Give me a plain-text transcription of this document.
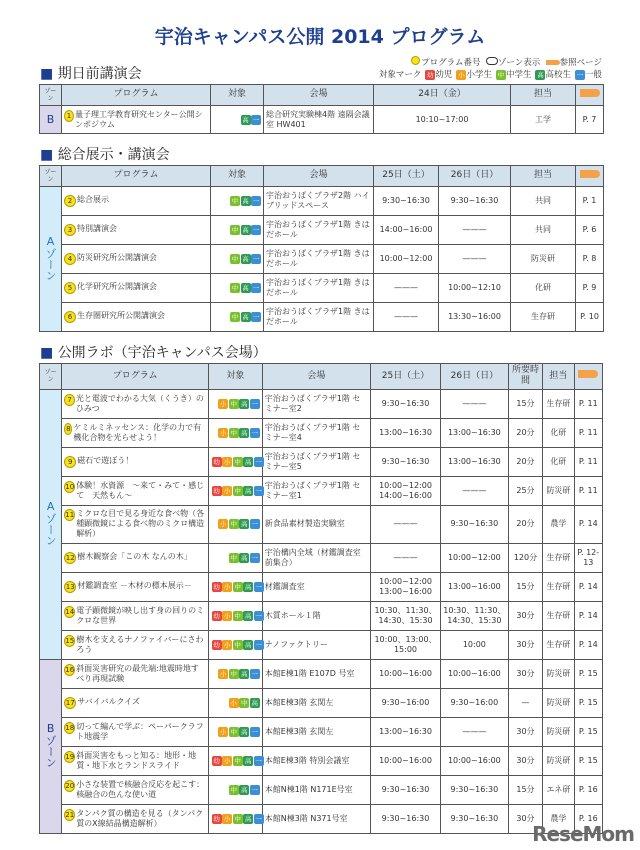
宇治キャンパス公開 2014 プログラム
プログラム番号 ゾーン表示 参照ページ
対象マーク 幼 幼児 小 小学生 中 中学生 高 高校生 一 一般
■ 期日前講演会
ゾーン	プログラム	対象	会場	24日（金）	担当	
B	1 量子理工学教育研究センター公開シンポジウム	高 一	総合研究実験棟4階 遠隔会議室 HW401	10:10~17:00	工学	P. 7
■ 総合展示・講演会
ゾーン	プログラム	対象	会場	25日（土）	26日（日）	担当	
Aゾーン	2 総合展示	中 高 一	宇治おうばくプラザ2階 ハイブリッドスペース	9:30~16:30	9:30~16:30	共同	P. 1

	3 特別講演会	中 高 一	宇治おうばくプラザ1階 きはだホール	14:00~16:00	———	共同	P. 6

	4 防災研究所公開講演会	中 高 一	宇治おうばくプラザ1階 きはだホール	10:00~12:00	———	防災研	P. 8

	5 化学研究所公開講演会	中 高 一	宇治おうばくプラザ1階 きはだホール	———	10:00~12:10	化研	P. 9

	6 生存圏研究所公開講演会	中 高 一	宇治おうばくプラザ1階 きはだホール	———	13:30~16:00	生存研	P. 10
■ 公開ラボ（宇治キャンパス会場）
ゾーン	プログラム	対象	会場	25日（土）	26日（日）	所要時間	担当	
Aゾーン	7 光と電波でわかる大気（くうき）のひみつ	小 中 高 一	宇治おうばくプラザ1階 セミナー室2	9:30~16:30	———	15分	生存研	P. 11

	8 ケミルミネッセンス：化学の力で有機化合物を光らせよう！	小 中 高 一	宇治おうばくプラザ1階 セミナー室4	13:00~16:30	13:00~16:30	20分	化研	P. 11

	9 磁石で遊ぼう！	幼 小 中 高 一	宇治おうばくプラザ1階 セミナー室5	9:30~16:30	13:00~16:30	20分	化研	P. 11

	10 体験！水資源　～来て・みて・感じて　天然もん～	幼 小 中 高 一	宇治おうばくプラザ1階 セミナー室1	10:00~12:00 14:00~16:00	———	25分	防災研	P. 11

	11 ミクロな目で見る身近な食べ物（各種顕微鏡による食べ物のミクロ構造解析）	小 中 高 一	新食品素材製造実験室	———	9:30~16:30	20分	農学	P. 14

	12 樹木観察会「この木 なんの木」	中 高 一	宇治構内全域（材鑑調査室前集合）	———	10:00~12:00	120分	生存研	P. 12-13

	13 材鑑調査室 －木材の標本展示－	幼 小 中 高 一	材鑑調査室	10:00~12:00 13:00~16:00	13:00~16:00	15分	生存研	P. 14

	14 電子顕微鏡が映し出す身の回りのミクロな世界	幼 小 中 高 一	木質ホール１階	10:30、11:30、14:30、15:30	10:30、11:30、14:30、15:30	30分	生存研	P. 14

	15 樹木を支えるナノファイバーにさわろう	幼 小 中 高 一	ナノファクトリー	10:00、13:00、15:00	10:00	30分	生存研	P. 14
Bゾーン	16 斜面災害研究の最先端:地震時地すべり再現試験	小 中 高 一	本館E棟1階 E107D 号室	10:00~16:00	10:00~16:00	30分	防災研	P. 15

	17 サバイバルクイズ	小 中 高	本館E棟3階 玄関左	9:30~16:00	9:30~16:00	—	防災研	P. 15

	18 切って編んで学ぶ：ペーパークラフト地震学	小 中 高 一	本館E棟3階 玄関左	13:00~16:30	———	30分	防災研	P. 15

	19 斜面災害をもっと知る：地形・地質・地下水とランドスライド	幼 小 中 高 一	本館E棟3階 特別会議室	10:00~16:00	10:00~16:00	30分	防災研	P. 15

	20 小さな装置で核融合反応を起こす：核融合の色んな使い道	中 高 一	本館N棟1階 N171E号室	9:30~16:30	9:30~16:30	15分	エネ研	P. 16

	21 タンパク質の構造を見る（タンパク質のX線結晶構造解析）	幼 小 中 高 一	本館N棟3階 N371号室	9:30~16:30	9:30~16:30	30分	農学	P. 16
ReseMom
